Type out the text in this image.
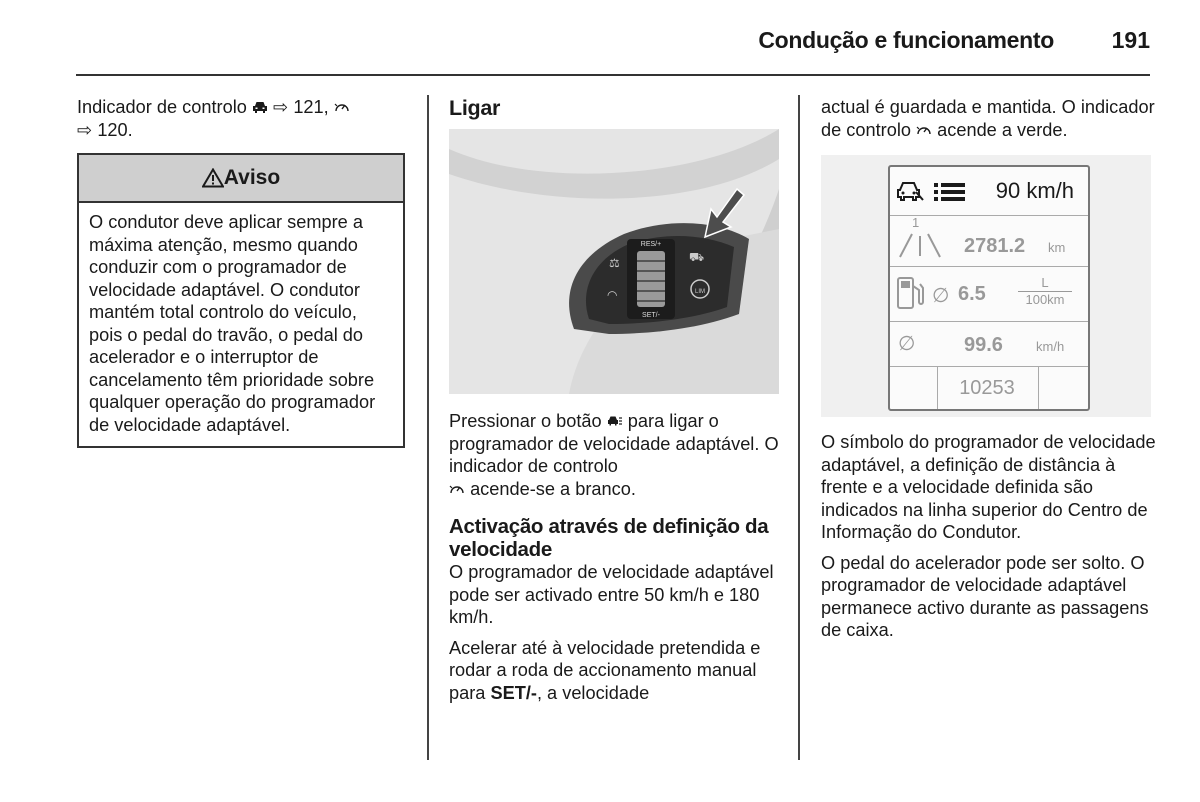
Condução e funcionamento	191

Indicador de controlo ⇨ 121,
⇨ 120.

Aviso

O condutor deve aplicar sempre a máxima atenção, mesmo quando conduzir com o programador de velocidade adaptável. O condutor mantém total controlo do veículo, pois o pedal do travão, o pedal do acelerador e o interruptor de cancelamento têm prioridade sobre qualquer operação do programador de velocidade adaptável.

Ligar
RES/+
SET/-
⚖
◠
⛟
LIM

Pressionar o botão para ligar o programador de velocidade adaptável. O indicador de controlo
acende-se a branco.

Activação através de definição da velocidade

O programador de velocidade adaptável pode ser activado entre 50 km/h e 180 km/h.

Acelerar até à velocidade pretendida e rodar a roda de accionamento manual para SET/-, a velocidade

actual é guardada e mantida. O indicador de controlo acende a verde.

90 km/h
1
2781.2 km
∅ 6.5
L
100km
∅ 99.6	km/h
10253

O símbolo do programador de velocidade adaptável, a definição de distância à frente e a velocidade definida são indicados na linha superior do Centro de Informação do Condutor.

O pedal do acelerador pode ser solto. O programador de velocidade adaptável permanece activo durante as passagens de caixa.
